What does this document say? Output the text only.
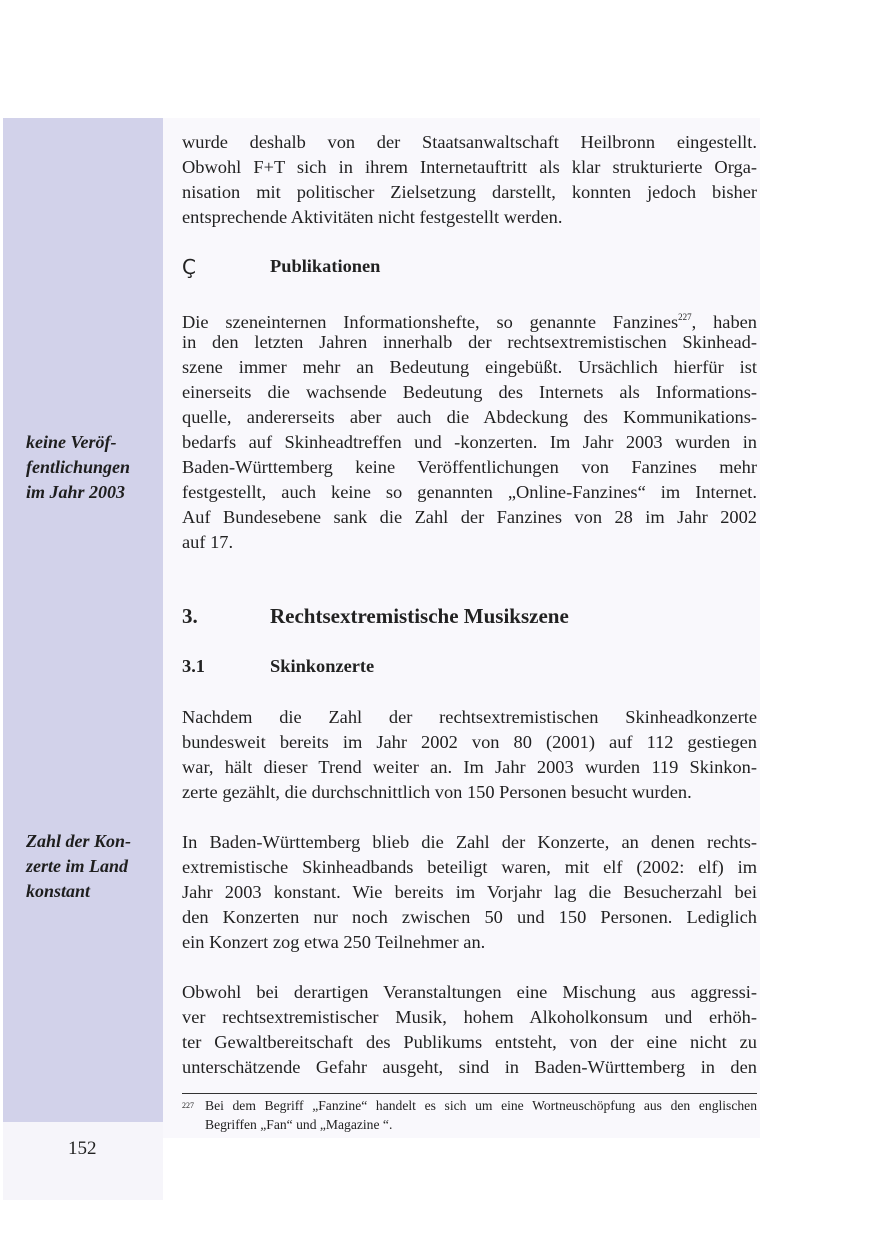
keine Veröf-
fentlichungen
im Jahr 2003
Zahl der Kon-
zerte im Land
konstant
152
wurde deshalb von der Staatsanwaltschaft Heilbronn eingestellt.
Obwohl F+T sich in ihrem Internetauftritt als klar strukturierte Orga-
nisation mit politischer Zielsetzung darstellt, konnten jedoch bisher
entsprechende Aktivitäten nicht festgestellt werden.
Ç	Publikationen
Die szeneinternen Informationshefte, so genannte Fanzines$^{227}$, haben
in den letzten Jahren innerhalb der rechtsextremistischen Skinhead-
szene immer mehr an Bedeutung eingebüßt. Ursächlich hierfür ist
einerseits die wachsende Bedeutung des Internets als Informations-
quelle, andererseits aber auch die Abdeckung des Kommunikations-
bedarfs auf Skinheadtreffen und -konzerten. Im Jahr 2003 wurden in
Baden-Württemberg keine Veröffentlichungen von Fanzines mehr
festgestellt, auch keine so genannten „Online-Fanzines“ im Internet.
Auf Bundesebene sank die Zahl der Fanzines von 28 im Jahr 2002
auf 17.
3.	Rechtsextremistische Musikszene
3.1	Skinkonzerte
Nachdem die Zahl der rechtsextremistischen Skinheadkonzerte
bundesweit bereits im Jahr 2002 von 80 (2001) auf 112 gestiegen
war, hält dieser Trend weiter an. Im Jahr 2003 wurden 119 Skinkon-
zerte gezählt, die durchschnittlich von 150 Personen besucht wurden.
In Baden-Württemberg blieb die Zahl der Konzerte, an denen rechts-
extremistische Skinheadbands beteiligt waren, mit elf (2002: elf) im
Jahr 2003 konstant. Wie bereits im Vorjahr lag die Besucherzahl bei
den Konzerten nur noch zwischen 50 und 150 Personen. Lediglich
ein Konzert zog etwa 250 Teilnehmer an.
Obwohl bei derartigen Veranstaltungen eine Mischung aus aggressi-
ver rechtsextremistischer Musik, hohem Alkoholkonsum und erhöh-
ter Gewaltbereitschaft des Publikums entsteht, von der eine nicht zu
unterschätzende Gefahr ausgeht, sind in Baden-Württemberg in den
227 Bei dem Begriff „Fanzine“ handelt es sich um eine Wortneuschöpfung aus den englischen
Begriffen „Fan“ und „Magazine “.
